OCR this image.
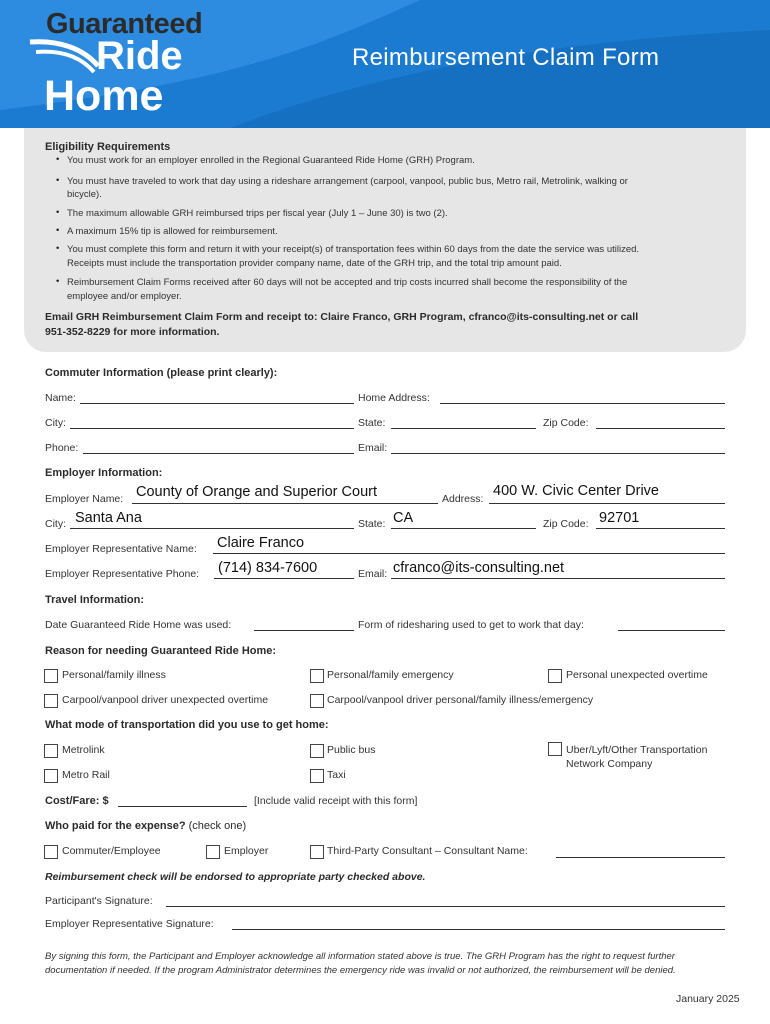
Guaranteed
Ride
Home
Reimbursement Claim Form
Eligibility Requirements
• You must work for an employer enrolled in the Regional Guaranteed Ride Home (GRH) Program.
• You must have traveled to work that day using a rideshare arrangement (carpool, vanpool, public bus, Metro rail, Metrolink, walking or
bicycle).
• The maximum allowable GRH reimbursed trips per fiscal year (July 1 – June 30) is two (2).
• A maximum 15% tip is allowed for reimbursement.
• You must complete this form and return it with your receipt(s) of transportation fees within 60 days from the date the service was utilized.
Receipts must include the transportation provider company name, date of the GRH trip, and the total trip amount paid.
• Reimbursement Claim Forms received after 60 days will not be accepted and trip costs incurred shall become the responsibility of the
employee and/or employer.
Email GRH Reimbursement Claim Form and receipt to: Claire Franco, GRH Program, cfranco@its-consulting.net or call
951-352-8229 for more information.
Commuter Information (please print clearly):
Name:	Home Address:
City:	State:	Zip Code:
Phone:	Email:
Employer Information:
Employer Name: County of Orange and Superior Court	Address: 400 W. Civic Center Drive
City: Santa Ana	State: CA	Zip Code: 92701
Employer Representative Name: Claire Franco
Employer Representative Phone: (714) 834-7600	Email: cfranco@its-consulting.net
Travel Information:
Date Guaranteed Ride Home was used:	Form of ridesharing used to get to work that day:
Reason for needing Guaranteed Ride Home:
Personal/family illness	Personal/family emergency	Personal unexpected overtime
Carpool/vanpool driver unexpected overtime	Carpool/vanpool driver personal/family illness/emergency
What mode of transportation did you use to get home:
Metrolink	Public bus	Uber/Lyft/Other Transportation
Network Company
Metro Rail	Taxi
Cost/Fare: $	[Include valid receipt with this form]
Who paid for the expense? (check one)
Commuter/Employee	Employer	Third-Party Consultant – Consultant Name:
Reimbursement check will be endorsed to appropriate party checked above.
Participant's Signature:
Employer Representative Signature:
By signing this form, the Participant and Employer acknowledge all information stated above is true. The GRH Program has the right to request further
documentation if needed. If the program Administrator determines the emergency ride was invalid or not authorized, the reimbursement will be denied.
January 2025
